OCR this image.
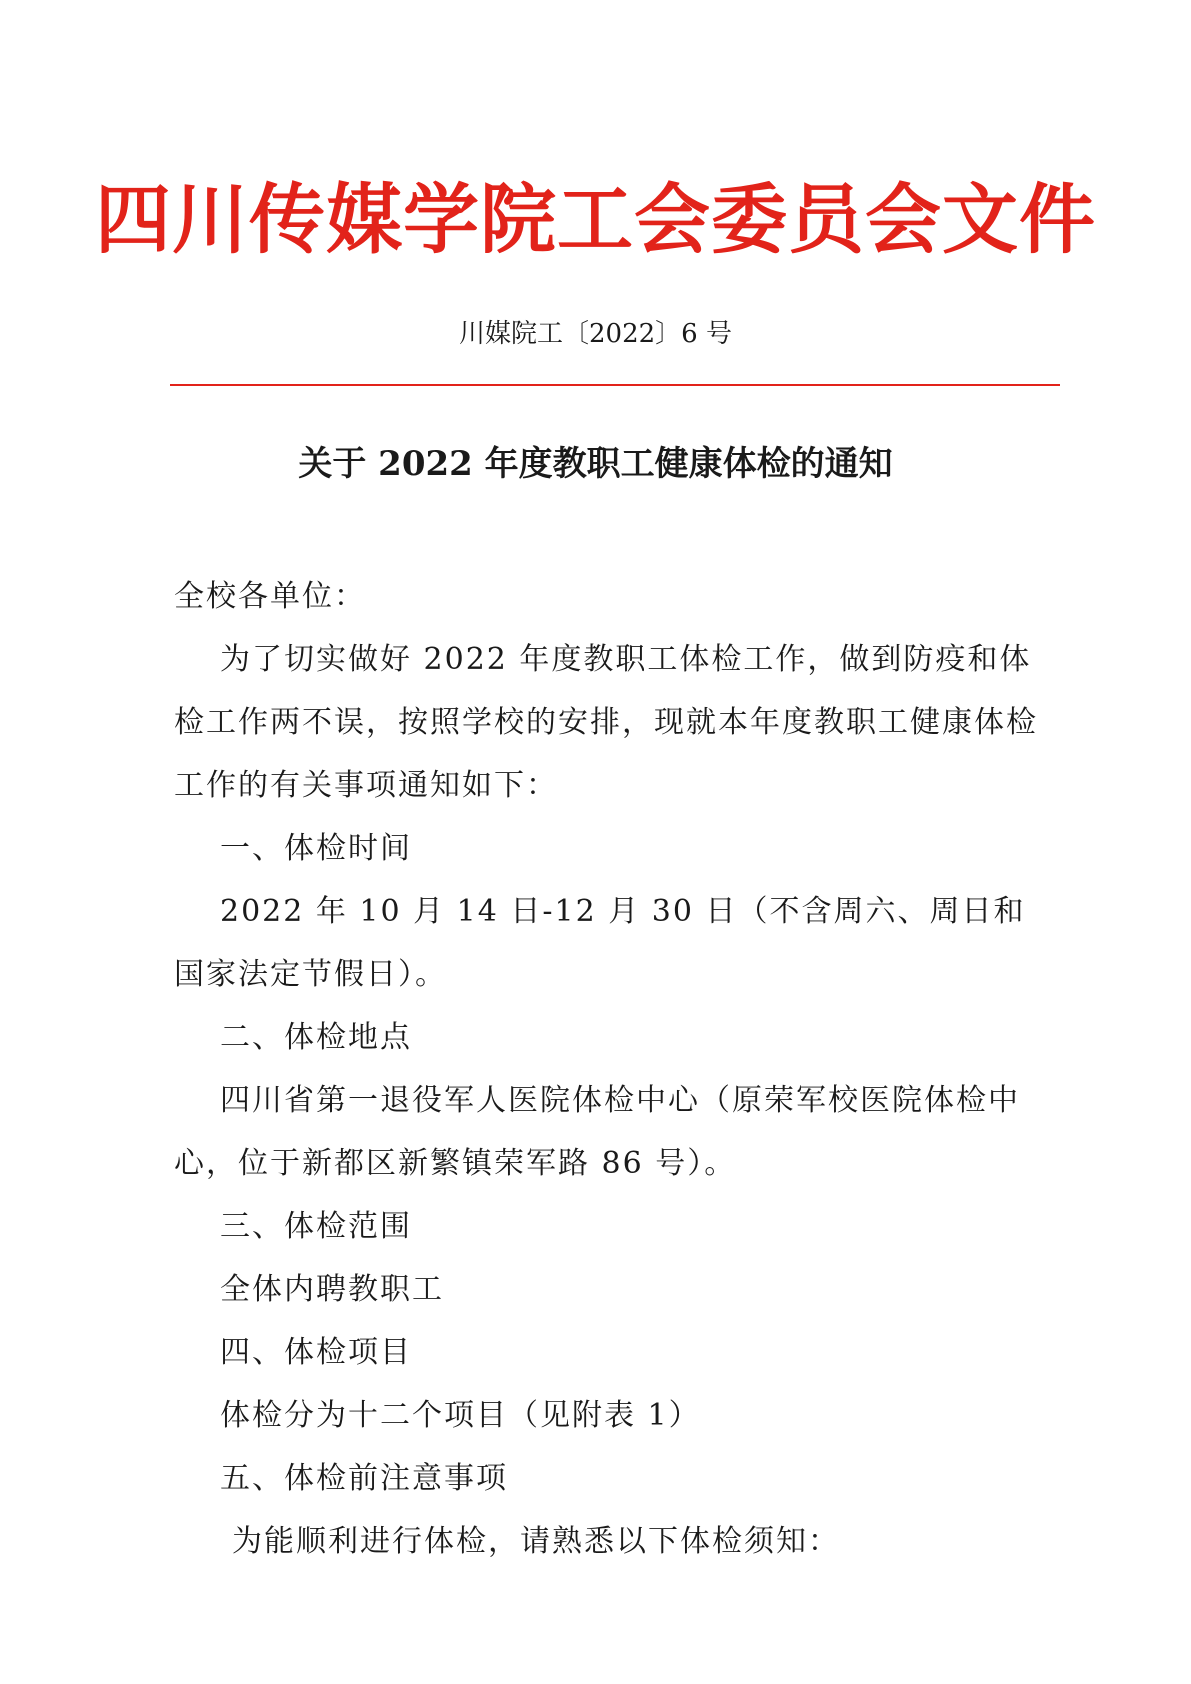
四川传媒学院工会委员会文件
川媒院工〔2022〕6 号
关于 2022 年度教职工健康体检的通知

全校各单位：

为了切实做好 2022 年度教职工体检工作，做到防疫和体检工作两不误，按照学校的安排，现就本年度教职工健康体检工作的有关事项通知如下：

一、体检时间

2022 年 10 月 14 日-12 月 30 日（不含周六、周日和国家法定节假日）。

二、体检地点

四川省第一退役军人医院体检中心（原荣军校医院体检中心，位于新都区新繁镇荣军路 86 号）。

三、体检范围

全体内聘教职工

四、体检项目

体检分为十二个项目（见附表 1）

五、体检前注意事项

为能顺利进行体检，请熟悉以下体检须知：
